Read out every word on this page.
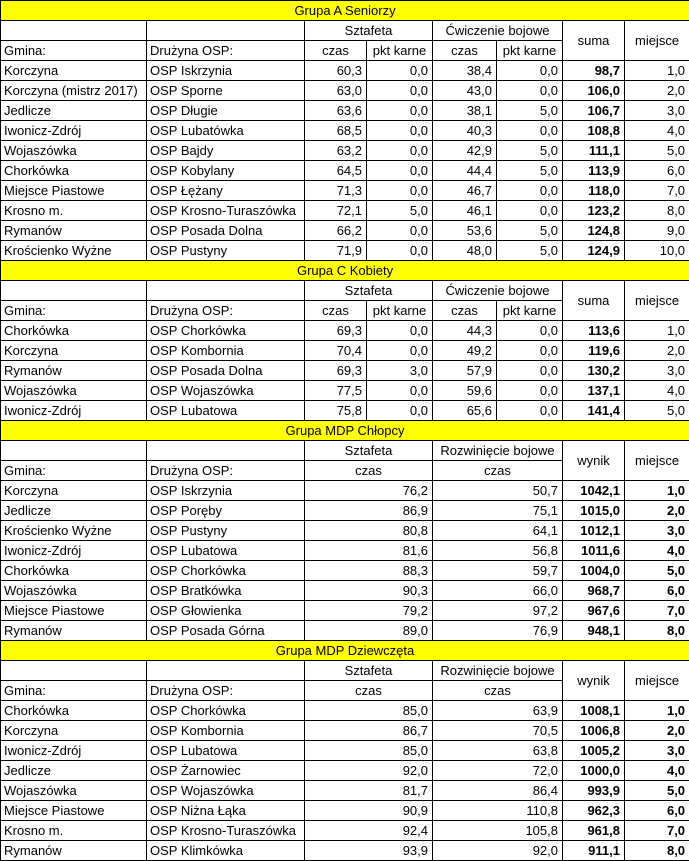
Grupa A Seniorzy							
		Sztafeta		Ćwiczenie bojowe		suma	miejsce
Gmina:	Drużyna OSP:	czas	pkt karne	czas	pkt karne		
Korczyna	OSP Iskrzynia	60,3	0,0	38,4	0,0	98,7	1,0
Korczyna (mistrz 2017)	OSP Sporne	63,0	0,0	43,0	0,0	106,0	2,0
Jedlicze	OSP Długie	63,6	0,0	38,1	5,0	106,7	3,0
Iwonicz-Zdrój	OSP Lubatówka	68,5	0,0	40,3	0,0	108,8	4,0
Wojaszówka	OSP Bajdy	63,2	0,0	42,9	5,0	111,1	5,0
Chorkówka	OSP Kobylany	64,5	0,0	44,4	5,0	113,9	6,0
Miejsce Piastowe	OSP Łężany	71,3	0,0	46,7	0,0	118,0	7,0
Krosno m.	OSP Krosno-Turaszówka	72,1	5,0	46,1	0,0	123,2	8,0
Rymanów	OSP Posada Dolna	66,2	0,0	53,6	5,0	124,8	9,0
Krościenko Wyżne	OSP Pustyny	71,9	0,0	48,0	5,0	124,9	10,0
Grupa C Kobiety							
		Sztafeta		Ćwiczenie bojowe		suma	miejsce
Gmina:	Drużyna OSP:	czas	pkt karne	czas	pkt karne		
Chorkówka	OSP Chorkówka	69,3	0,0	44,3	0,0	113,6	1,0
Korczyna	OSP Kombornia	70,4	0,0	49,2	0,0	119,6	2,0
Rymanów	OSP Posada Dolna	69,3	3,0	57,9	0,0	130,2	3,0
Wojaszówka	OSP Wojaszówka	77,5	0,0	59,6	0,0	137,1	4,0
Iwonicz-Zdrój	OSP Lubatowa	75,8	0,0	65,6	0,0	141,4	5,0
Grupa MDP Chłopcy							
		Sztafeta		Rozwinięcie bojowe		wynik	miejsce
Gmina:	Drużyna OSP:	czas		czas			
Korczyna	OSP Iskrzynia	76,2		50,7		1042,1	1,0
Jedlicze	OSP Poręby	86,9		75,1		1015,0	2,0
Krościenko Wyżne	OSP Pustyny	80,8		64,1		1012,1	3,0
Iwonicz-Zdrój	OSP Lubatowa	81,6		56,8		1011,6	4,0
Chorkówka	OSP Chorkówka	88,3		59,7		1004,0	5,0
Wojaszówka	OSP Bratkówka	90,3		66,0		968,7	6,0
Miejsce Piastowe	OSP Głowienka	79,2		97,2		967,6	7,0
Rymanów	OSP Posada Górna	89,0		76,9		948,1	8,0
Grupa MDP Dziewczęta							
		Sztafeta		Rozwinięcie bojowe		wynik	miejsce
Gmina:	Drużyna OSP:	czas		czas			
Chorkówka	OSP Chorkówka	85,0		63,9		1008,1	1,0
Korczyna	OSP Kombornia	86,7		70,5		1006,8	2,0
Iwonicz-Zdrój	OSP Lubatowa	85,0		63,8		1005,2	3,0
Jedlicze	OSP Żarnowiec	92,0		72,0		1000,0	4,0
Wojaszówka	OSP Wojaszówka	81,7		86,4		993,9	5,0
Miejsce Piastowe	OSP Niżna Łąka	90,9		110,8		962,3	6,0
Krosno m.	OSP Krosno-Turaszówka	92,4		105,8		961,8	7,0
Rymanów	OSP Klimkówka	93,9		92,0		911,1	8,0
